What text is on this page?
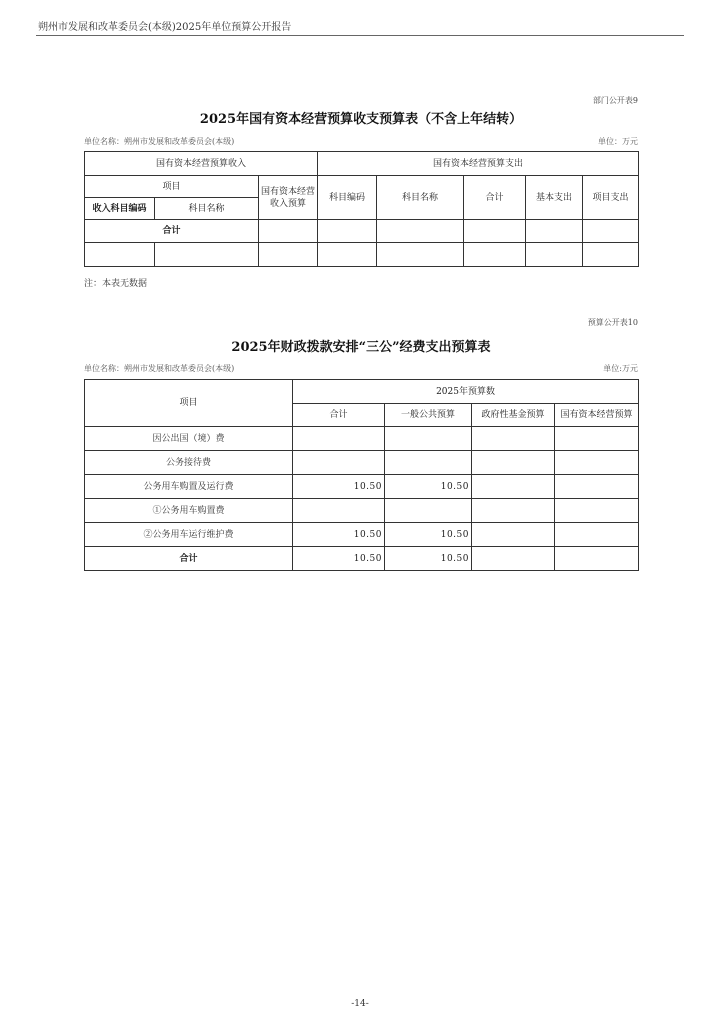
朔州市发展和改革委员会(本级)2025年单位预算公开报告
部门公开表9
2025年国有资本经营预算收支预算表（不含上年结转）
单位名称：朔州市发展和改革委员会(本级)	单位：万元
国有资本经营预算收入			国有资本经营预算支出				
项目		国有资本经营收入预算	科目编码	科目名称	合计	基本支出	项目支出
收入科目编码	科目名称						
合计							

注：本表无数据
预算公开表10
2025年财政拨款安排“三公”经费支出预算表
单位名称：朔州市发展和改革委员会(本级)	单位:万元
项目	2025年预算数			
	合计	一般公共预算	政府性基金预算	国有资本经营预算
因公出国（境）费				
公务接待费				
公务用车购置及运行费	10.50	10.50		
①公务用车购置费				
②公务用车运行维护费	10.50	10.50		
合计	10.50	10.50		
-14-
